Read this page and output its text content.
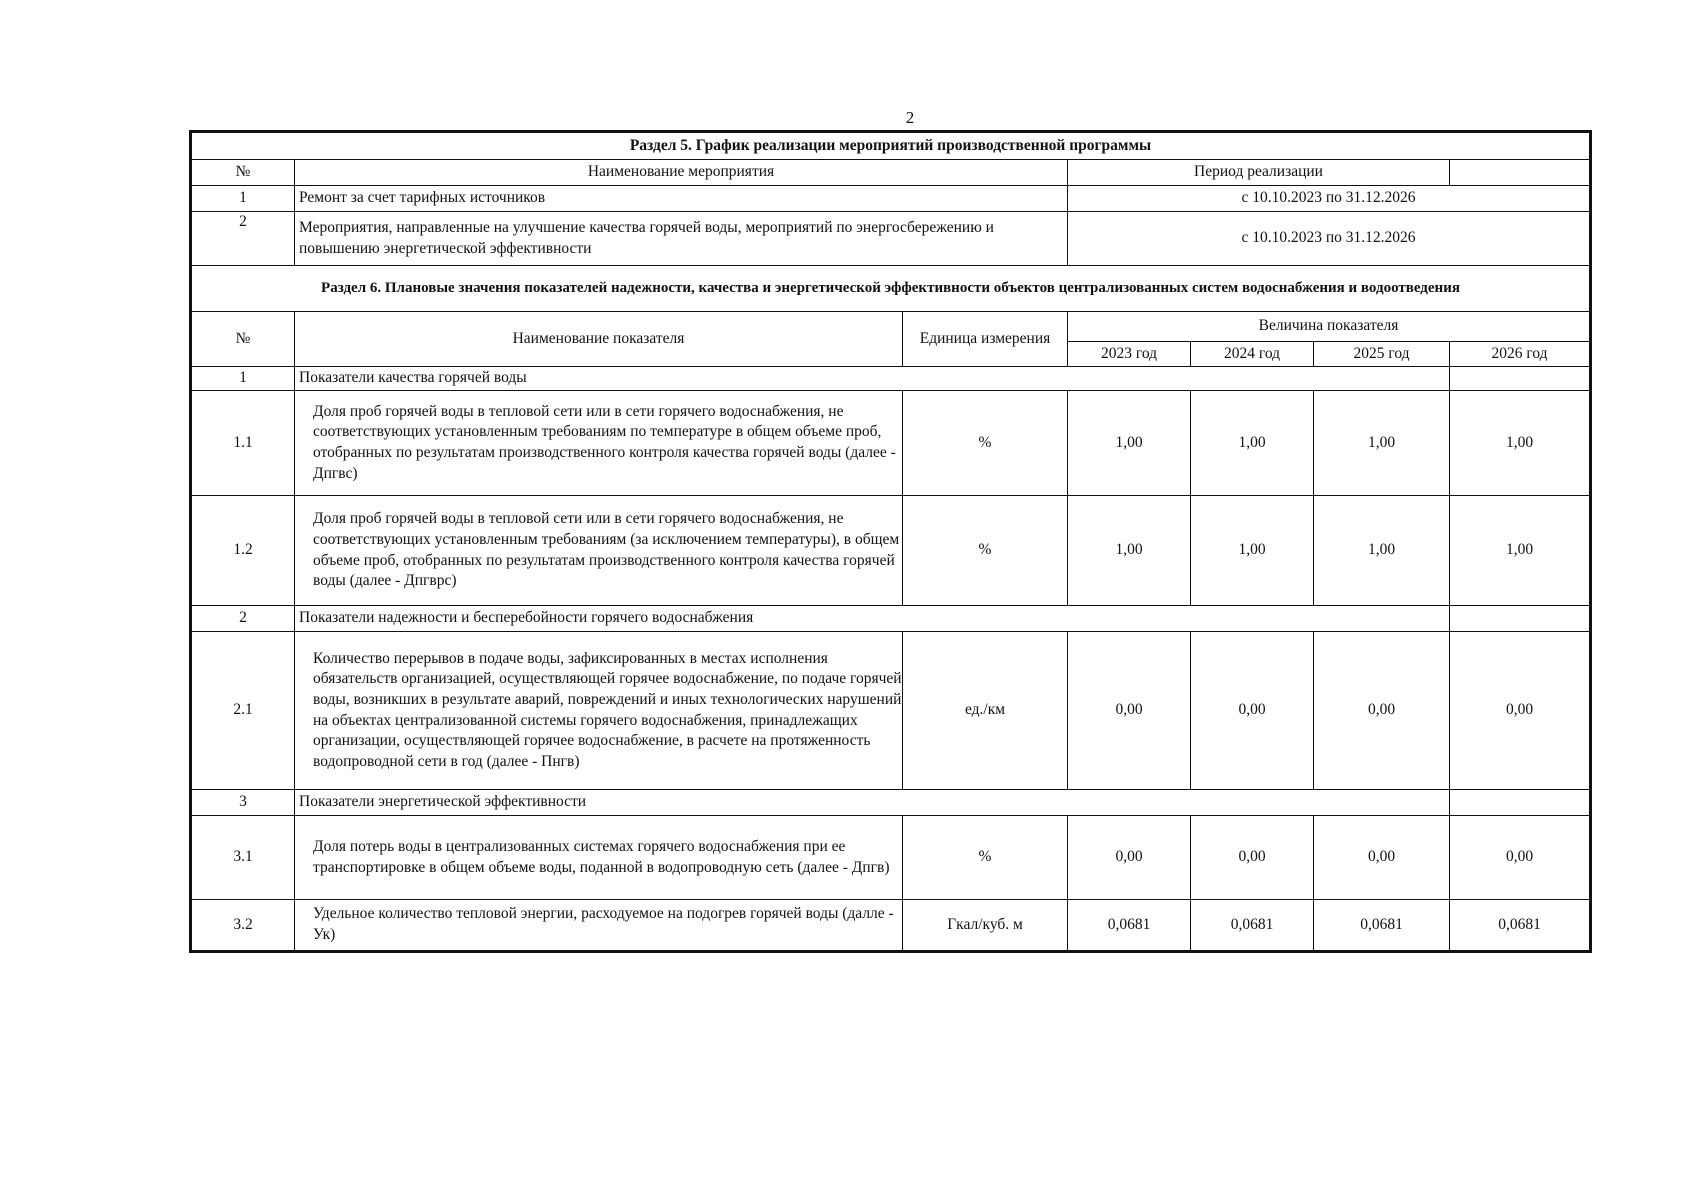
2
Раздел 5. График реализации мероприятий производственной программы						
№	Наименование мероприятия		Период реализации			
1	Ремонт за счет тарифных источников		с 10.10.2023 по 31.12.2026			
2	Мероприятия, направленные на улучшение качества горячей воды, мероприятий по энергосбережению и повышению энергетической эффективности		с 10.10.2023 по 31.12.2026			
Раздел 6. Плановые значения показателей надежности, качества и энергетической эффективности объектов централизованных систем водоснабжения и водоотведения						
№	Наименование показателя	Единица измерения	Величина показателя			
			2023 год	2024 год	2025 год	2026 год
1	Показатели качества горячей воды					
1.1	Доля проб горячей воды в тепловой сети или в сети горячего водоснабжения, не соответствующих установленным требованиям по температуре в общем объеме проб, отобранных по результатам производственного контроля качества горячей воды (далее - Дпгвс)	%	1,00	1,00	1,00	1,00
1.2	Доля проб горячей воды в тепловой сети или в сети горячего водоснабжения, не соответствующих установленным требованиям (за исключением температуры), в общем объеме проб, отобранных по результатам производственного контроля качества горячей воды (далее - Дпгврс)	%	1,00	1,00	1,00	1,00
2	Показатели надежности и бесперебойности горячего водоснабжения					
2.1	Количество перерывов в подаче воды, зафиксированных в местах исполнения обязательств организацией, осуществляющей горячее водоснабжение, по подаче горячей воды, возникших в результате аварий, повреждений и иных технологических нарушений на объектах централизованной системы горячего водоснабжения, принадлежащих организации, осуществляющей горячее водоснабжение, в расчете на протяженность водопроводной сети в год (далее - Пнгв)	ед./км	0,00	0,00	0,00	0,00
3	Показатели энергетической эффективности					
3.1	Доля потерь воды в централизованных системах горячего водоснабжения при ее транспортировке в общем объеме воды, поданной в водопроводную сеть (далее - Дпгв)	%	0,00	0,00	0,00	0,00
3.2	Удельное количество тепловой энергии, расходуемое на подогрев горячей воды (далле - Ук)	Гкал/куб. м	0,0681	0,0681	0,0681	0,0681
